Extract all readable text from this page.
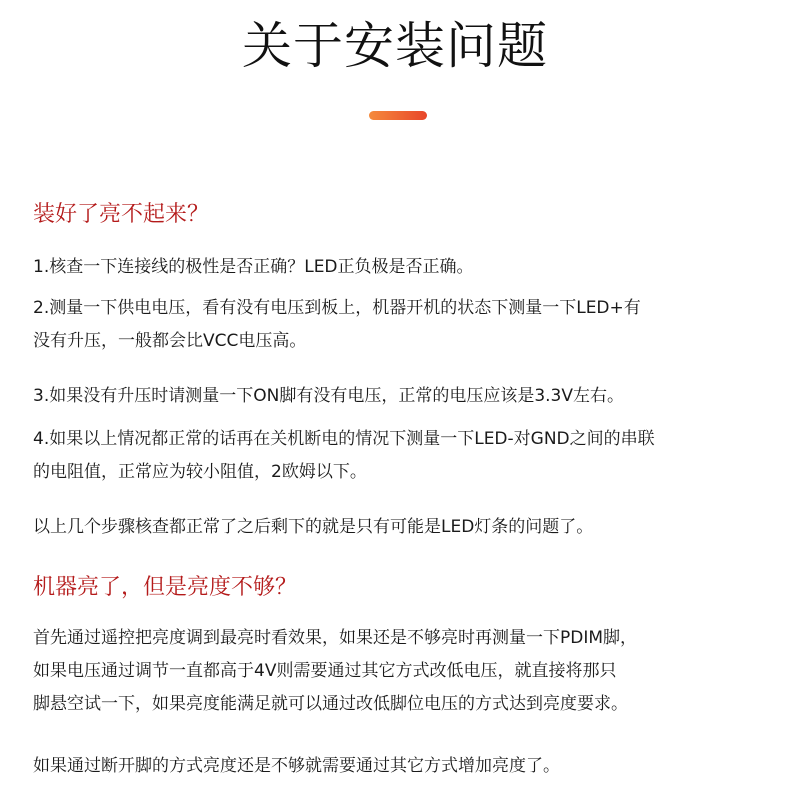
关于安装问题
装好了亮不起来？
1.核查一下连接线的极性是否正确？LED正负极是否正确。
2.测量一下供电电压，看有没有电压到板上，机器开机的状态下测量一下LED+有
没有升压，一般都会比VCC电压高。
3.如果没有升压时请测量一下ON脚有没有电压，正常的电压应该是3.3V左右。
4.如果以上情况都正常的话再在关机断电的情况下测量一下LED-对GND之间的串联
的电阻值，正常应为较小阻值，2欧姆以下。
以上几个步骤核查都正常了之后剩下的就是只有可能是LED灯条的问题了。
机器亮了，但是亮度不够？
首先通过遥控把亮度调到最亮时看效果，如果还是不够亮时再测量一下PDIM脚，
如果电压通过调节一直都高于4V则需要通过其它方式改低电压，就直接将那只
脚悬空试一下，如果亮度能满足就可以通过改低脚位电压的方式达到亮度要求。
如果通过断开脚的方式亮度还是不够就需要通过其它方式增加亮度了。
